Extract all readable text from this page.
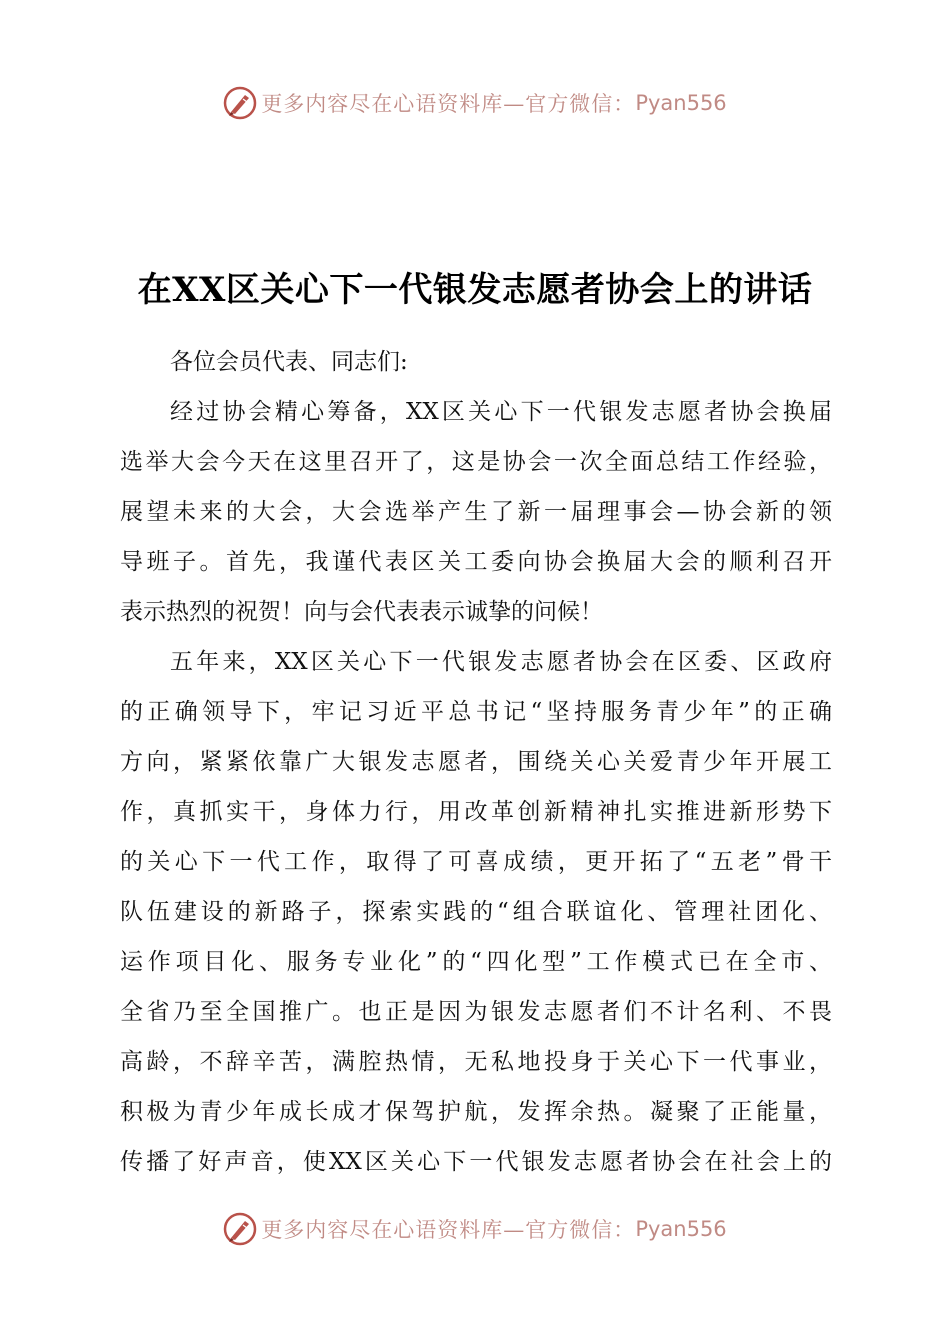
更多内容尽在心语资料库—官方微信： Pyan556
在XX区关心下一代银发志愿者协会上的讲话
各位会员代表、同志们:
经过协会精心筹备，XX区关心下一代银发志愿者协会换届
选举大会今天在这里召开了，这是协会一次全面总结工作经验，
展望未来的大会，大会选举产生了新一届理事会—协会新的领
导班子。首先，我谨代表区关工委向协会换届大会的顺利召开
表示热烈的祝贺！向与会代表表示诚挚的问候！
五年来，XX区关心下一代银发志愿者协会在区委、区政府
的正确领导下，牢记习近平总书记“坚持服务青少年”的正确
方向，紧紧依靠广大银发志愿者，围绕关心关爱青少年开展工
作，真抓实干，身体力行，用改革创新精神扎实推进新形势下
的关心下一代工作，取得了可喜成绩，更开拓了“五老”骨干
队伍建设的新路子，探索实践的“组合联谊化、管理社团化、
运作项目化、服务专业化”的“四化型”工作模式已在全市、
全省乃至全国推广。也正是因为银发志愿者们不计名利、不畏
高龄，不辞辛苦，满腔热情，无私地投身于关心下一代事业，
积极为青少年成长成才保驾护航，发挥余热。凝聚了正能量，
传播了好声音，使XX区关心下一代银发志愿者协会在社会上的
更多内容尽在心语资料库—官方微信： Pyan556
